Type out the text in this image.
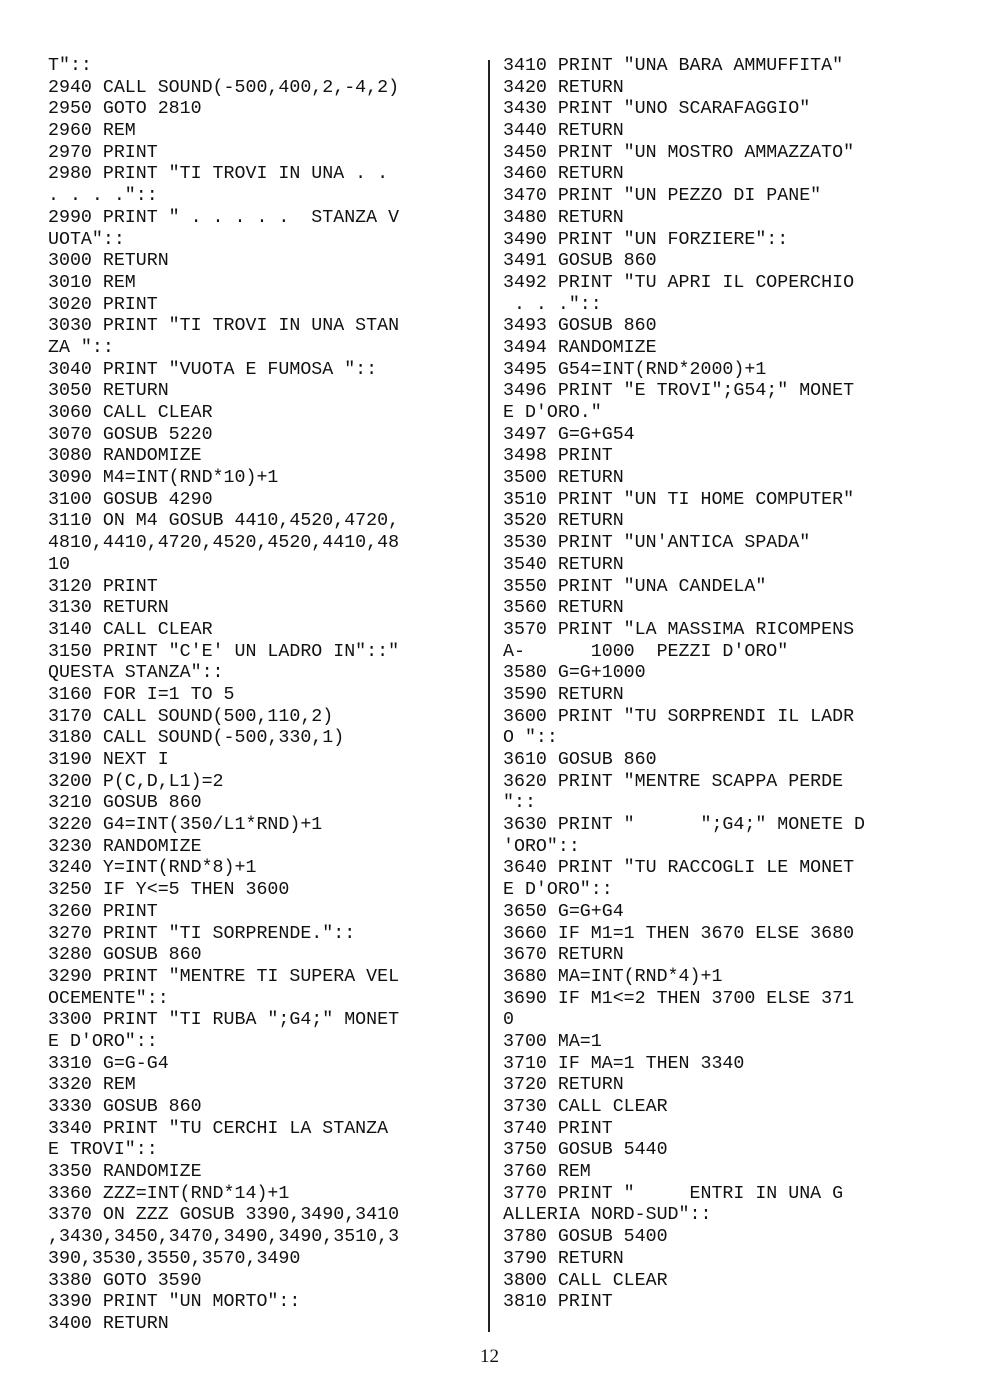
T"::
2940 CALL SOUND(-500,400,2,-4,2)
2950 GOTO 2810
2960 REM
2970 PRINT
2980 PRINT "TI TROVI IN UNA . .
. . . ."::
2990 PRINT " . . . . .  STANZA V
UOTA"::
3000 RETURN
3010 REM
3020 PRINT
3030 PRINT "TI TROVI IN UNA STAN
ZA "::
3040 PRINT "VUOTA E FUMOSA "::
3050 RETURN
3060 CALL CLEAR
3070 GOSUB 5220
3080 RANDOMIZE
3090 M4=INT(RND*10)+1
3100 GOSUB 4290
3110 ON M4 GOSUB 4410,4520,4720,
4810,4410,4720,4520,4520,4410,48
10
3120 PRINT
3130 RETURN
3140 CALL CLEAR
3150 PRINT "C'E' UN LADRO IN"::"
QUESTA STANZA"::
3160 FOR I=1 TO 5
3170 CALL SOUND(500,110,2)
3180 CALL SOUND(-500,330,1)
3190 NEXT I
3200 P(C,D,L1)=2
3210 GOSUB 860
3220 G4=INT(350/L1*RND)+1
3230 RANDOMIZE
3240 Y=INT(RND*8)+1
3250 IF Y<=5 THEN 3600
3260 PRINT
3270 PRINT "TI SORPRENDE."::
3280 GOSUB 860
3290 PRINT "MENTRE TI SUPERA VEL
OCEMENTE"::
3300 PRINT "TI RUBA ";G4;" MONET
E D'ORO"::
3310 G=G-G4
3320 REM
3330 GOSUB 860
3340 PRINT "TU CERCHI LA STANZA
E TROVI"::
3350 RANDOMIZE
3360 ZZZ=INT(RND*14)+1
3370 ON ZZZ GOSUB 3390,3490,3410
,3430,3450,3470,3490,3490,3510,3
390,3530,3550,3570,3490
3380 GOTO 3590
3390 PRINT "UN MORTO"::
3400 RETURN
3410 PRINT "UNA BARA AMMUFFITA"
3420 RETURN
3430 PRINT "UNO SCARAFAGGIO"
3440 RETURN
3450 PRINT "UN MOSTRO AMMAZZATO"
3460 RETURN
3470 PRINT "UN PEZZO DI PANE"
3480 RETURN
3490 PRINT "UN FORZIERE"::
3491 GOSUB 860
3492 PRINT "TU APRI IL COPERCHIO
. . ."::
3493 GOSUB 860
3494 RANDOMIZE
3495 G54=INT(RND*2000)+1
3496 PRINT "E TROVI";G54;" MONET
E D'ORO."
3497 G=G+G54
3498 PRINT
3500 RETURN
3510 PRINT "UN TI HOME COMPUTER"
3520 RETURN
3530 PRINT "UN'ANTICA SPADA"
3540 RETURN
3550 PRINT "UNA CANDELA"
3560 RETURN
3570 PRINT "LA MASSIMA RICOMPENS
A-      1000  PEZZI D'ORO"
3580 G=G+1000
3590 RETURN
3600 PRINT "TU SORPRENDI IL LADR
O "::
3610 GOSUB 860
3620 PRINT "MENTRE SCAPPA PERDE
"::
3630 PRINT "      ";G4;" MONETE D
'ORO"::
3640 PRINT "TU RACCOGLI LE MONET
E D'ORO"::
3650 G=G+G4
3660 IF M1=1 THEN 3670 ELSE 3680
3670 RETURN
3680 MA=INT(RND*4)+1
3690 IF M1<=2 THEN 3700 ELSE 371
0
3700 MA=1
3710 IF MA=1 THEN 3340
3720 RETURN
3730 CALL CLEAR
3740 PRINT
3750 GOSUB 5440
3760 REM
3770 PRINT "     ENTRI IN UNA G
ALLERIA NORD-SUD"::
3780 GOSUB 5400
3790 RETURN
3800 CALL CLEAR
3810 PRINT
12
